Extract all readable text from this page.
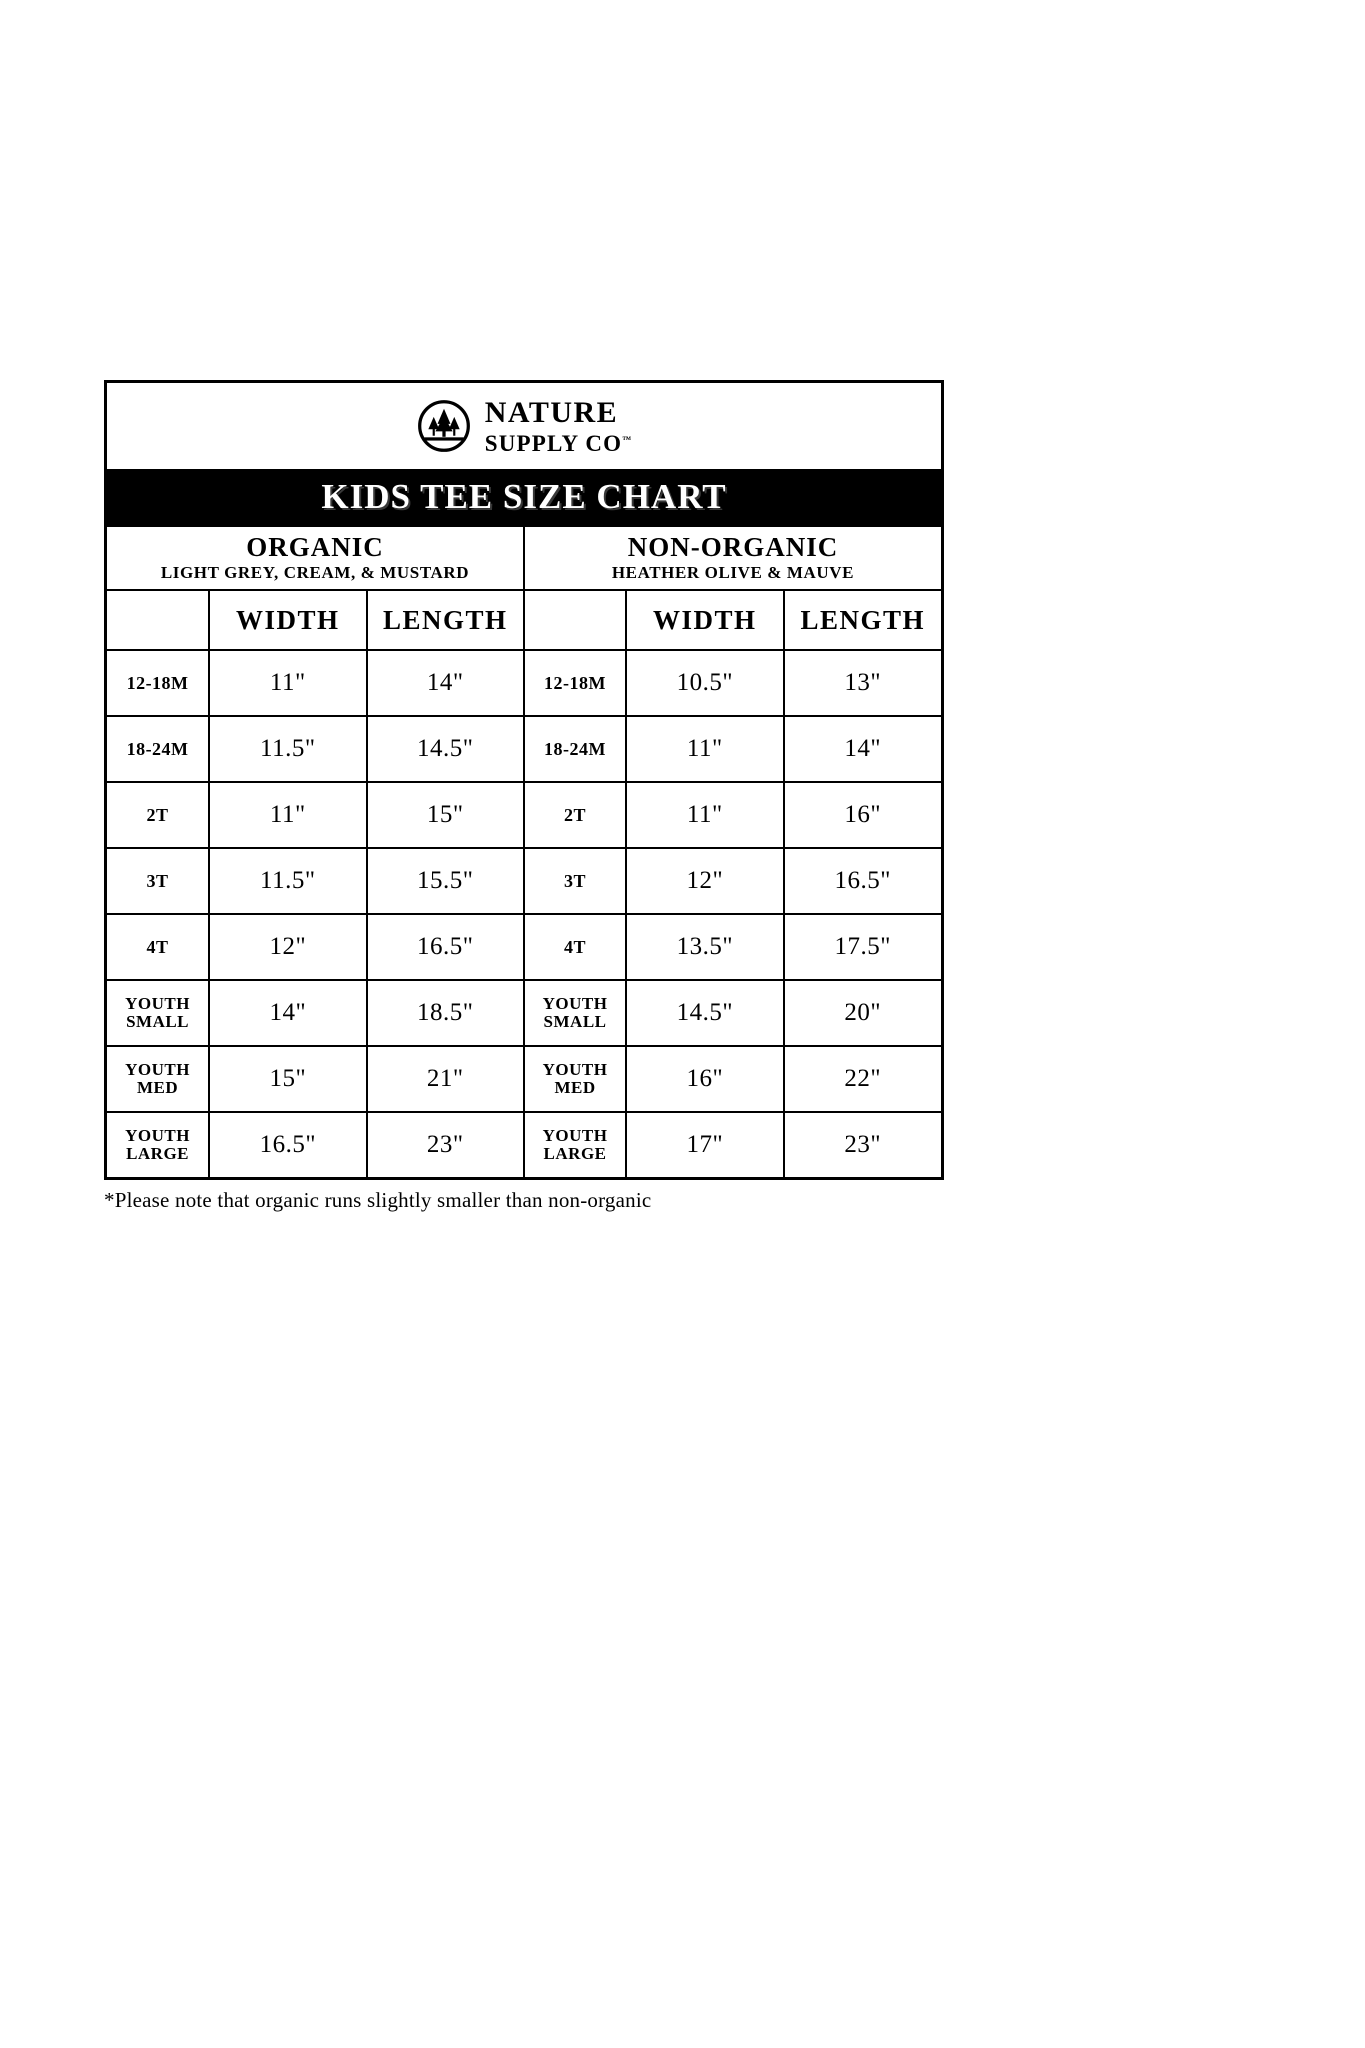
NATURE
SUPPLY CO™
KIDS TEE SIZE CHART
ORGANIC
LIGHT GREY, CREAM, & MUSTARD

NON-ORGANIC
HEATHER OLIVE & MAUVE

	WIDTH	LENGTH		WIDTH	LENGTH
12-18M	11"	14"	12-18M	10.5"	13"
18-24M	11.5"	14.5"	18-24M	11"	14"
2T	11"	15"	2T	11"	16"
3T	11.5"	15.5"	3T	12"	16.5"
4T	12"	16.5"	4T	13.5"	17.5"
YOUTH SMALL	14"	18.5"	YOUTH SMALL	14.5"	20"
YOUTH MED	15"	21"	YOUTH MED	16"	22"
YOUTH LARGE	16.5"	23"	YOUTH LARGE	17"	23"
*Please note that organic runs slightly smaller than non-organic
